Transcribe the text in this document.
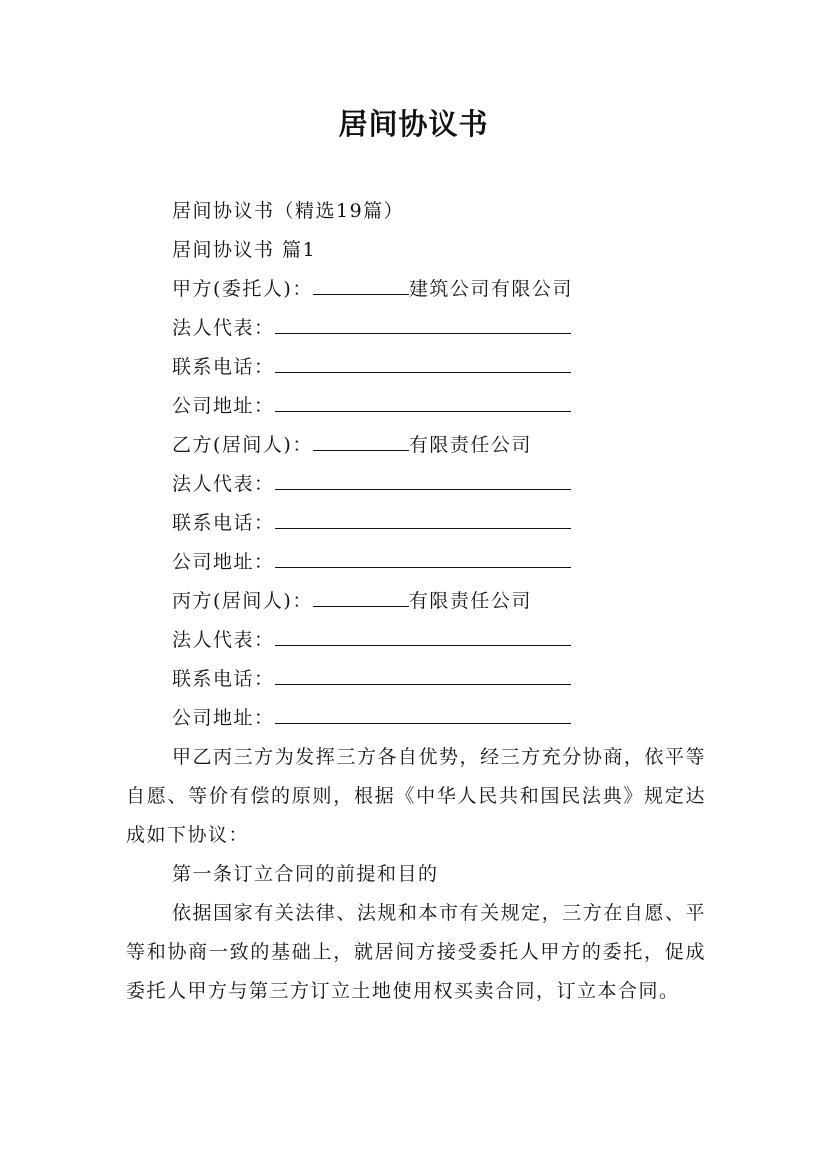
居间协议书
居间协议书（精选19篇）
居间协议书 篇1
甲方(委托人)：	建筑公司有限公司
法人代表：
联系电话：
公司地址：
乙方(居间人)：	有限责任公司
法人代表：
联系电话：
公司地址：
丙方(居间人)：	有限责任公司
法人代表：
联系电话：
公司地址：

甲乙丙三方为发挥三方各自优势，经三方充分协商，依平等自愿、等价有偿的原则，根据《中华人民共和国民法典》规定达成如下协议：

第一条订立合同的前提和目的

依据国家有关法律、法规和本市有关规定，三方在自愿、平等和协商一致的基础上，就居间方接受委托人甲方的委托，促成委托人甲方与第三方订立土地使用权买卖合同，订立本合同。
